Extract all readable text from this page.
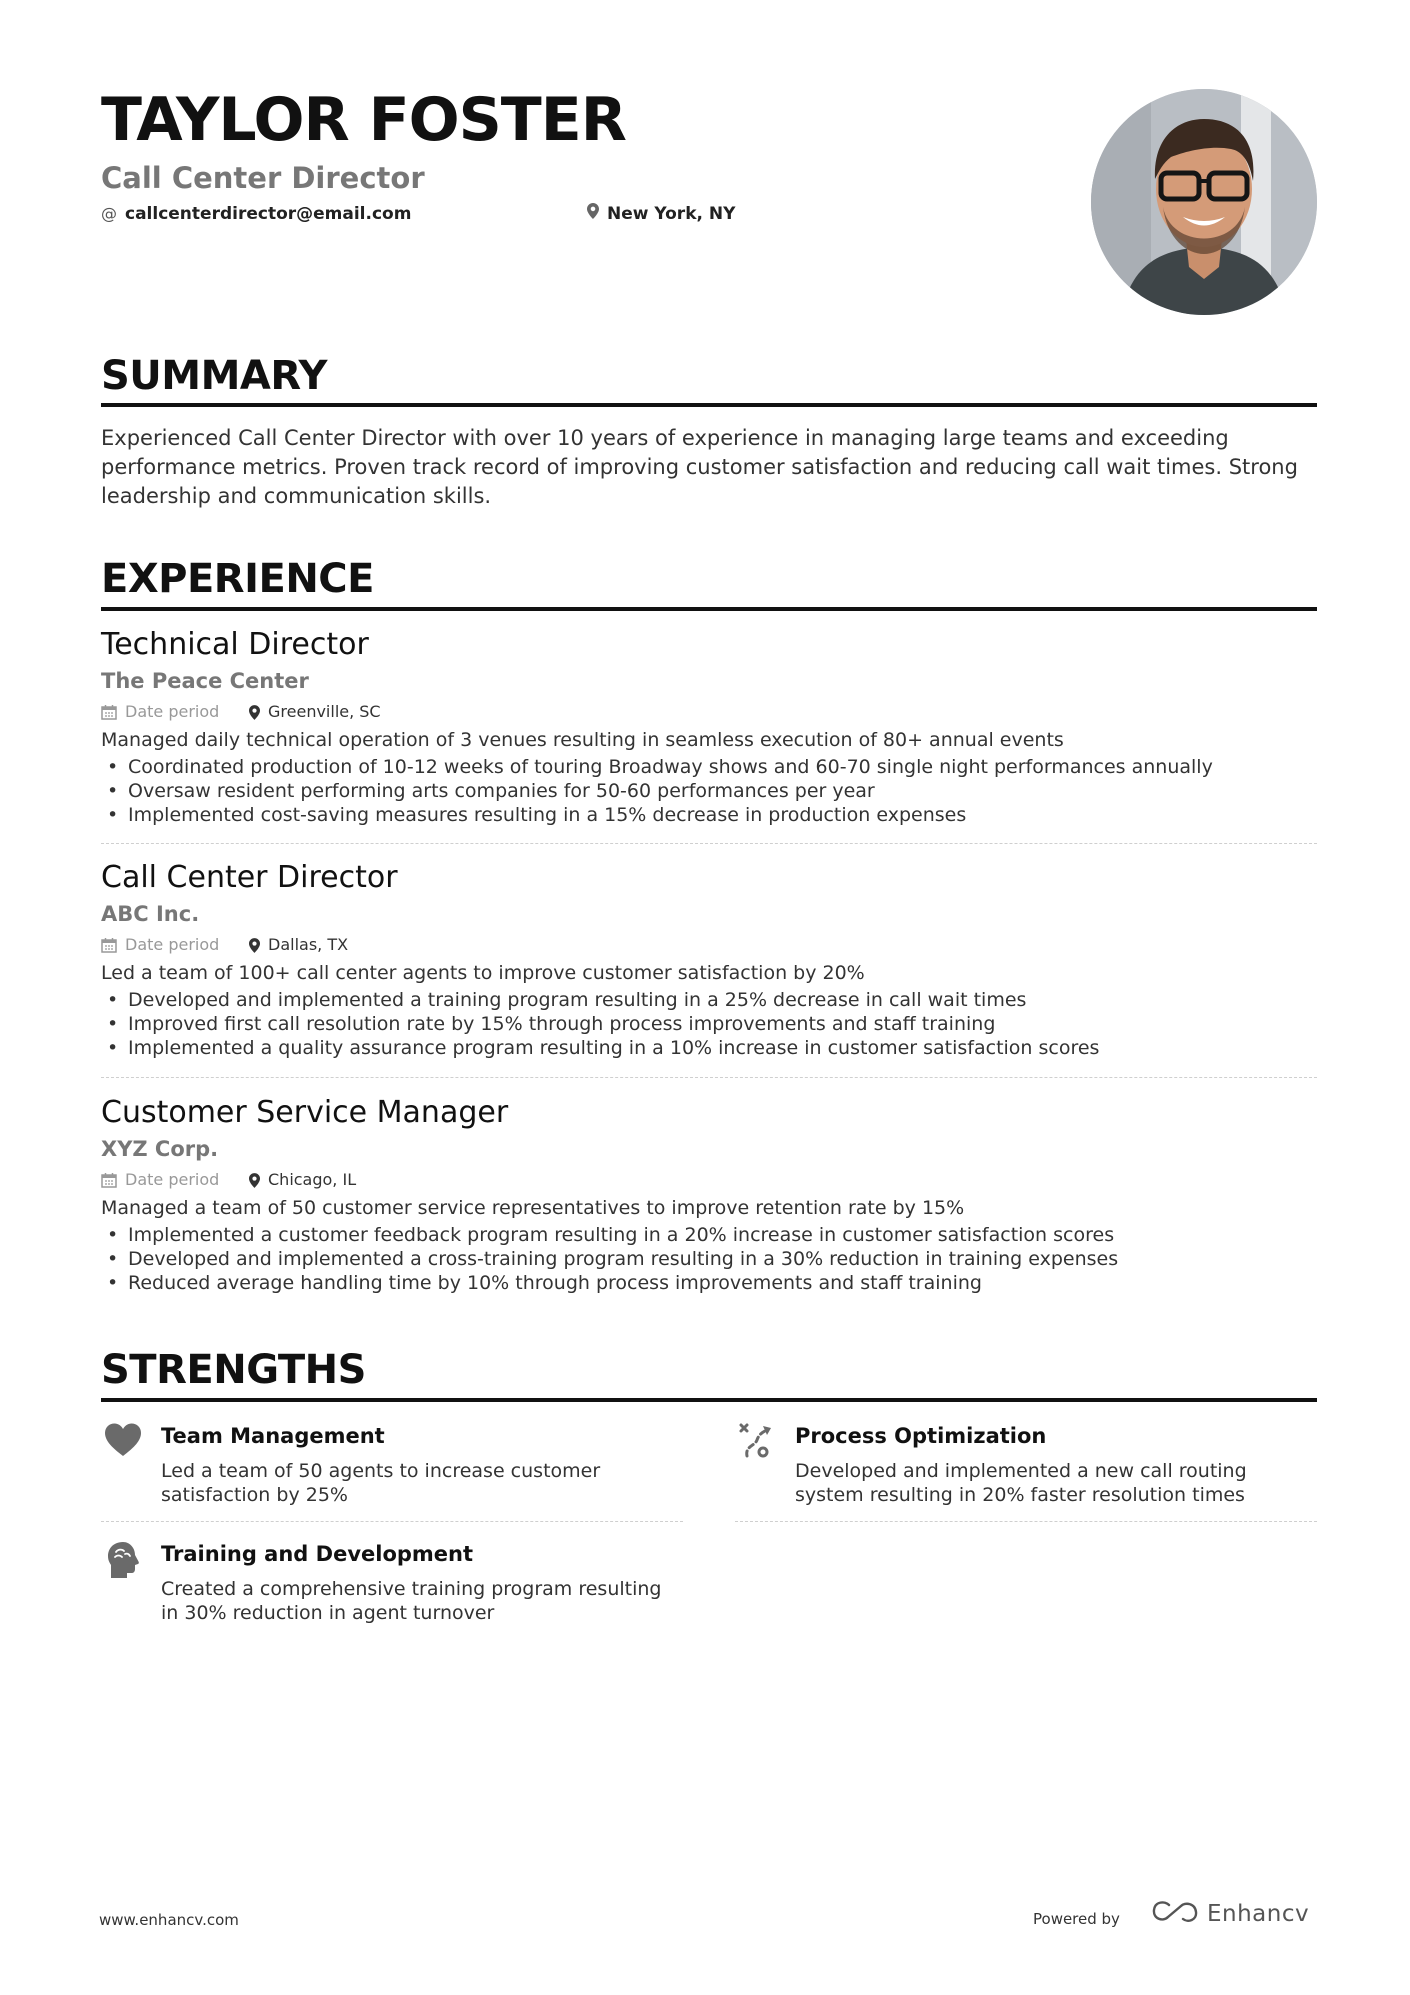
TAYLOR FOSTER
Call Center Director
@ callcenterdirector@email.com	New York, NY
SUMMARY
Experienced Call Center Director with over 10 years of experience in managing large teams and exceeding performance metrics. Proven track record of improving customer satisfaction and reducing call wait times. Strong leadership and communication skills.
EXPERIENCE
Technical Director
The Peace Center
Date period	Greenville, SC
Managed daily technical operation of 3 venues resulting in seamless execution of 80+ annual events
• Coordinated production of 10-12 weeks of touring Broadway shows and 60-70 single night performances annually
• Oversaw resident performing arts companies for 50-60 performances per year
• Implemented cost-saving measures resulting in a 15% decrease in production expenses
Call Center Director
ABC Inc.
Date period	Dallas, TX
Led a team of 100+ call center agents to improve customer satisfaction by 20%
• Developed and implemented a training program resulting in a 25% decrease in call wait times
• Improved first call resolution rate by 15% through process improvements and staff training
• Implemented a quality assurance program resulting in a 10% increase in customer satisfaction scores
Customer Service Manager
XYZ Corp.
Date period	Chicago, IL
Managed a team of 50 customer service representatives to improve retention rate by 15%
• Implemented a customer feedback program resulting in a 20% increase in customer satisfaction scores
• Developed and implemented a cross-training program resulting in a 30% reduction in training expenses
• Reduced average handling time by 10% through process improvements and staff training
STRENGTHS
Team Management
Led a team of 50 agents to increase customer satisfaction by 25%
Process Optimization
Developed and implemented a new call routing system resulting in 20% faster resolution times
Training and Development
Created a comprehensive training program resulting in 30% reduction in agent turnover
www.enhancv.com	Powered by	Enhancv
